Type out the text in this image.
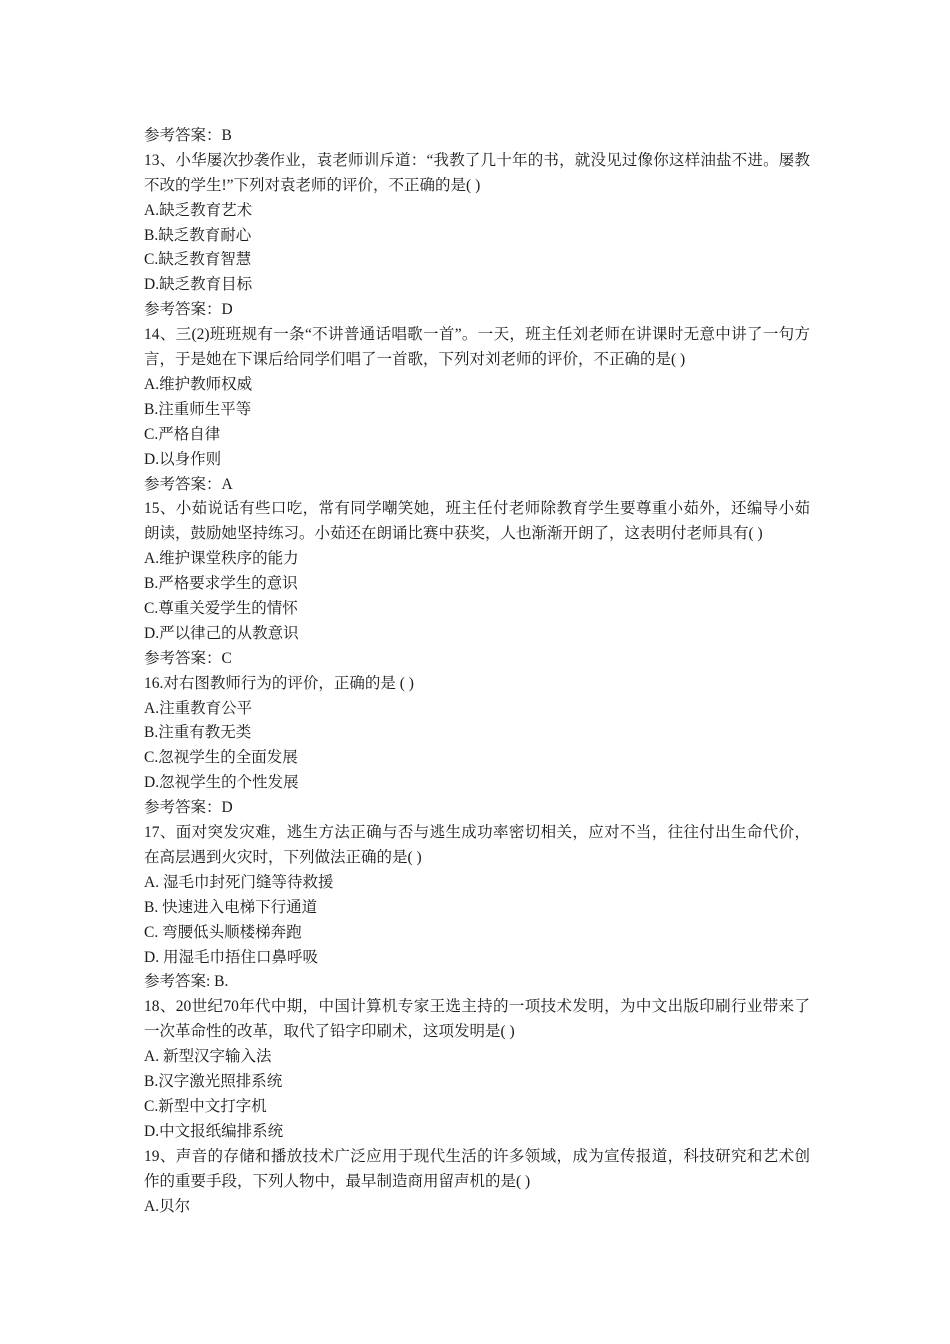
参考答案：B
13、小华屡次抄袭作业，袁老师训斥道：“我教了几十年的书，就没见过像你这样油盐不进。屡教不改的学生!”下列对袁老师的评价，不正确的是( )
A.缺乏教育艺术
B.缺乏教育耐心
C.缺乏教育智慧
D.缺乏教育目标
参考答案：D
14、三(2)班班规有一条“不讲普通话唱歌一首”。一天，班主任刘老师在讲课时无意中讲了一句方言，于是她在下课后给同学们唱了一首歌，下列对刘老师的评价，不正确的是( )
A.维护教师权威
B.注重师生平等
C.严格自律
D.以身作则
参考答案：A
15、小茹说话有些口吃，常有同学嘲笑她，班主任付老师除教育学生要尊重小茹外，还编导小茹朗读，鼓励她坚持练习。小茹还在朗诵比赛中获奖，人也渐渐开朗了，这表明付老师具有( )
A.维护课堂秩序的能力
B.严格要求学生的意识
C.尊重关爱学生的情怀
D.严以律己的从教意识
参考答案：C
16.对右图教师行为的评价，正确的是 ( )
A.注重教育公平
B.注重有教无类
C.忽视学生的全面发展
D.忽视学生的个性发展
参考答案：D
17、面对突发灾难，逃生方法正确与否与逃生成功率密切相关，应对不当，往往付出生命代价，在高层遇到火灾时，下列做法正确的是( )
A. 湿毛巾封死门缝等待救援
B. 快速进入电梯下行通道
C. 弯腰低头顺楼梯奔跑
D. 用湿毛巾捂住口鼻呼吸
参考答案: B.
18、20世纪70年代中期，中国计算机专家王选主持的一项技术发明，为中文出版印刷行业带来了一次革命性的改革，取代了铅字印刷术，这项发明是( )
A. 新型汉字输入法
B.汉字激光照排系统
C.新型中文打字机
D.中文报纸编排系统
19、声音的存储和播放技术广泛应用于现代生活的许多领域，成为宣传报道，科技研究和艺术创作的重要手段，下列人物中，最早制造商用留声机的是( )
A.贝尔
